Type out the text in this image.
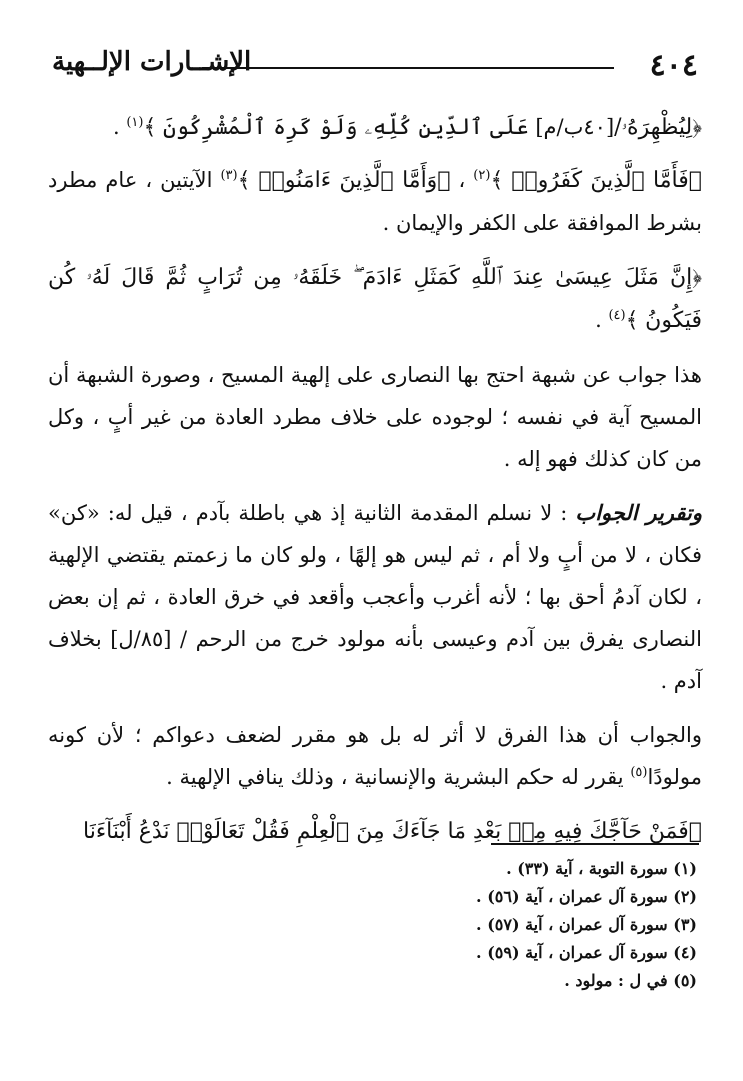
٤٠٤
الإشــارات الإلــهية

﴿لِيُظْهِرَهُۥ/[٤٠ب/م] عَلَى ٱلدِّينِ كُلِّهِۦ وَلَوْ كَرِهَ ٱلْمُشْرِكُونَ ﴾$^{(١)}$ .

﴿فَأَمَّا ٱلَّذِينَ كَفَرُوا۟ ﴾$^{(٢)}$ ، ﴿وَأَمَّا ٱلَّذِينَ ءَامَنُوا۟ ﴾$^{(٣)}$ الآيتين ، عام مطرد بشرط الموافقة على الكفر والإيمان .

﴿إِنَّ مَثَلَ عِيسَىٰ عِندَ ٱللَّهِ كَمَثَلِ ءَادَمَ ۖ خَلَقَهُۥ مِن تُرَابٍ ثُمَّ قَالَ لَهُۥ كُن فَيَكُونُ ﴾$^{(٤)}$ .

هذا جواب عن شبهة احتج بها النصارى على إلهية المسيح ، وصورة الشبهة أن المسيح آية في نفسه ؛ لوجوده على خلاف مطرد العادة من غير أبٍ ، وكل من كان كذلك فهو إله .

وتقرير الجواب : لا نسلم المقدمة الثانية إذ هي باطلة بآدم ، قيل له: «كن» فكان ، لا من أبٍ ولا أم ، ثم ليس هو إلهًا ، ولو كان ما زعمتم يقتضي الإلهية ، لكان آدمُ أحق بها ؛ لأنه أغرب وأعجب وأقعد في خرق العادة ، ثم إن بعض النصارى يفرق بين آدم وعيسى بأنه مولود خرج من الرحم / [٨٥/ل] بخلاف آدم .

والجواب أن هذا الفرق لا أثر له بل هو مقرر لضعف دعواكم ؛ لأن كونه مولودًا$^{(٥)}$ يقرر له حكم البشرية والإنسانية ، وذلك ينافي الإلهية .

﴿فَمَنْ حَآجَّكَ فِيهِ مِنۢ بَعْدِ مَا جَآءَكَ مِنَ ٱلْعِلْمِ فَقُلْ تَعَالَوْا۟ نَدْعُ أَبْنَآءَنَا

(١) سورة التوبة ، آية (٣٣) .

(٢) سورة آل عمران ، آية (٥٦) .

(٣) سورة آل عمران ، آية (٥٧) .

(٤) سورة آل عمران ، آية (٥٩) .

(٥) في ل : مولود .
